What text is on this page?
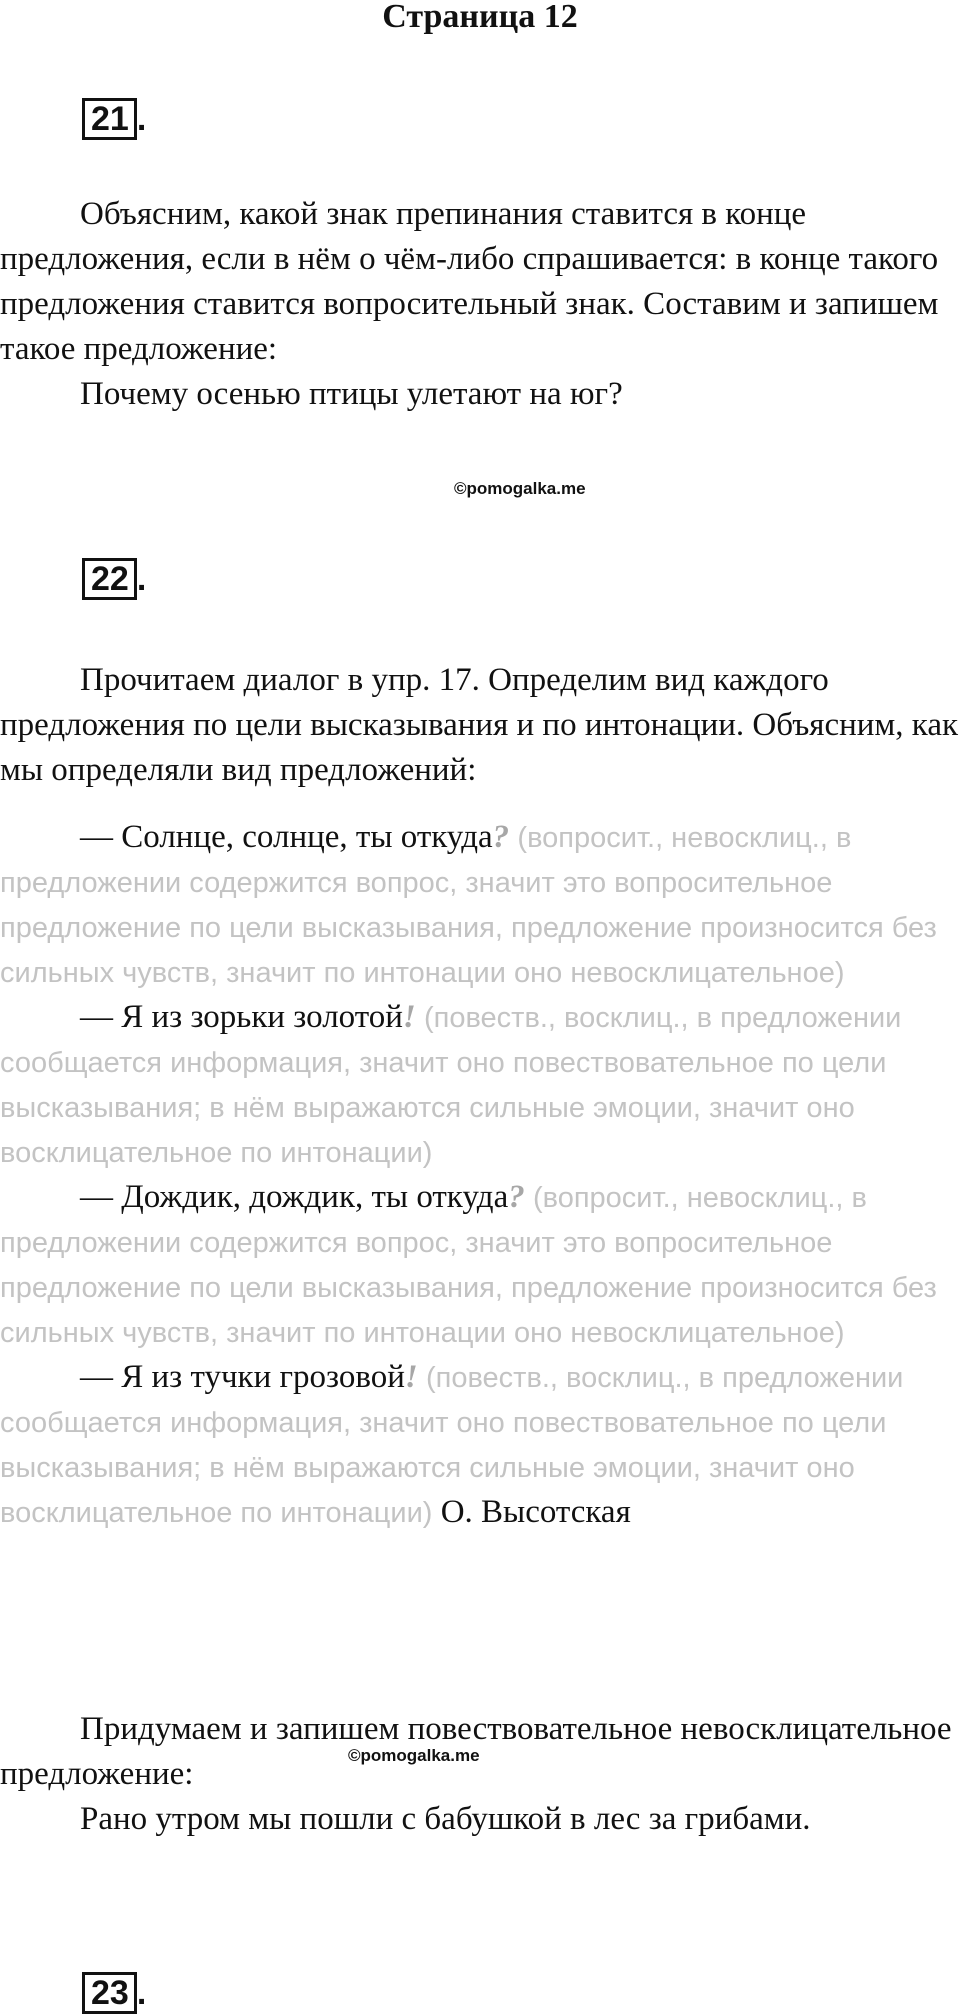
Страница 12
21 .

Объясним, какой знак препинания ставится в конце предложения, если в нём о чём-либо спрашивается: в конце такого предложения ставится вопросительный знак. Составим и запишем такое предложение:

Почему осенью птицы улетают на юг?

©pomogalka.me
22 .

Прочитаем диалог в упр. 17. Определим вид каждого предложения по цели высказывания и по интонации. Объясним, как мы определяли вид предложений:

— Солнце, солнце, ты откуда? (вопросит., невосклиц., в предложении содержится вопрос, значит это вопросительное предложение по цели высказывания, предложение произносится без сильных чувств, значит по интонации оно невосклицательное)

— Я из зорьки золотой! (повеств., восклиц., в предложении сообщается информация, значит оно повествовательное по цели высказывания; в нём выражаются сильные эмоции, значит оно восклицательное по интонации)

— Дождик, дождик, ты откуда? (вопросит., невосклиц., в предложении содержится вопрос, значит это вопросительное предложение по цели высказывания, предложение произносится без сильных чувств, значит по интонации оно невосклицательное)

— Я из тучки грозовой! (повеств., восклиц., в предложении сообщается информация, значит оно повествовательное по цели высказывания; в нём выражаются сильные эмоции, значит оно восклицательное по интонации) О. Высотская

Придумаем и запишем повествовательное невосклицательное предложение:

Рано утром мы пошли с бабушкой в лес за грибами.

©pomogalka.me
23 .
